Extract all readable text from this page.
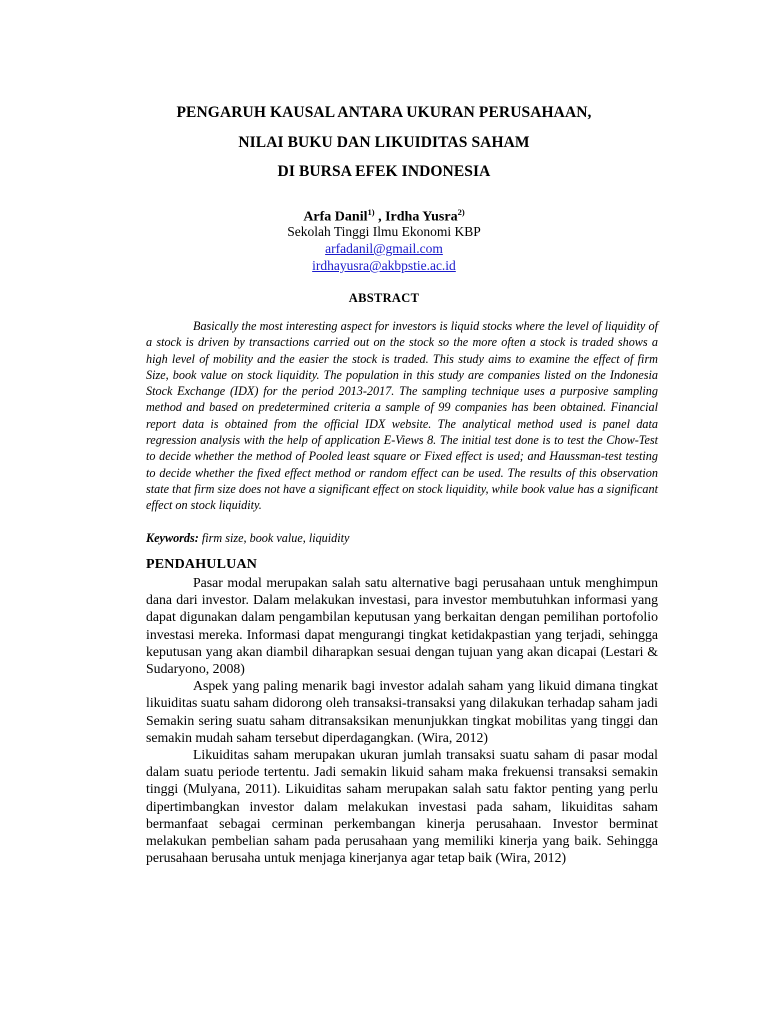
PENGARUH KAUSAL ANTARA UKURAN PERUSAHAAN,
NILAI BUKU DAN LIKUIDITAS SAHAM
DI BURSA EFEK INDONESIA
Arfa Danil$^{1)}$ , Irdha Yusra$^{2)}$
Sekolah Tinggi Ilmu Ekonomi KBP
arfadanil@gmail.com
irdhayusra@akbpstie.ac.id
ABSTRACT

Basically the most interesting aspect for investors is liquid stocks where the level of liquidity of a stock is driven by transactions carried out on the stock so the more often a stock is traded shows a high level of mobility and the easier the stock is traded. This study aims to examine the effect of firm Size, book value on stock liquidity. The population in this study are companies listed on the Indonesia Stock Exchange (IDX) for the period 2013-2017. The sampling technique uses a purposive sampling method and based on predetermined criteria a sample of 99 companies has been obtained. Financial report data is obtained from the official IDX website. The analytical method used is panel data regression analysis with the help of application E-Views 8. The initial test done is to test the Chow-Test to decide whether the method of Pooled least square or Fixed effect is used; and Haussman-test testing to decide whether the fixed effect method or random effect can be used. The results of this observation state that firm size does not have a significant effect on stock liquidity, while book value has a significant effect on stock liquidity.

Keywords: firm size, book value, liquidity

PENDAHULUAN

Pasar modal merupakan salah satu alternative bagi perusahaan untuk menghimpun dana dari investor. Dalam melakukan investasi, para investor membutuhkan informasi yang dapat digunakan dalam pengambilan keputusan yang berkaitan dengan pemilihan portofolio investasi mereka. Informasi dapat mengurangi tingkat ketidakpastian yang terjadi, sehingga keputusan yang akan diambil diharapkan sesuai dengan tujuan yang akan dicapai (Lestari & Sudaryono, 2008)

Aspek yang paling menarik bagi investor adalah saham yang likuid dimana tingkat likuiditas suatu saham didorong oleh transaksi-transaksi yang dilakukan terhadap saham jadi Semakin sering suatu saham ditransaksikan menunjukkan tingkat mobilitas yang tinggi dan semakin mudah saham tersebut diperdagangkan. (Wira, 2012)

Likuiditas saham merupakan ukuran jumlah transaksi suatu saham di pasar modal dalam suatu periode tertentu. Jadi semakin likuid saham maka frekuensi transaksi semakin tinggi (Mulyana, 2011). Likuiditas saham merupakan salah satu faktor penting yang perlu dipertimbangkan investor dalam melakukan investasi pada saham, likuiditas saham bermanfaat sebagai cerminan perkembangan kinerja perusahaan. Investor berminat melakukan pembelian saham pada perusahaan yang memiliki kinerja yang baik. Sehingga perusahaan berusaha untuk menjaga kinerjanya agar tetap baik (Wira, 2012)
